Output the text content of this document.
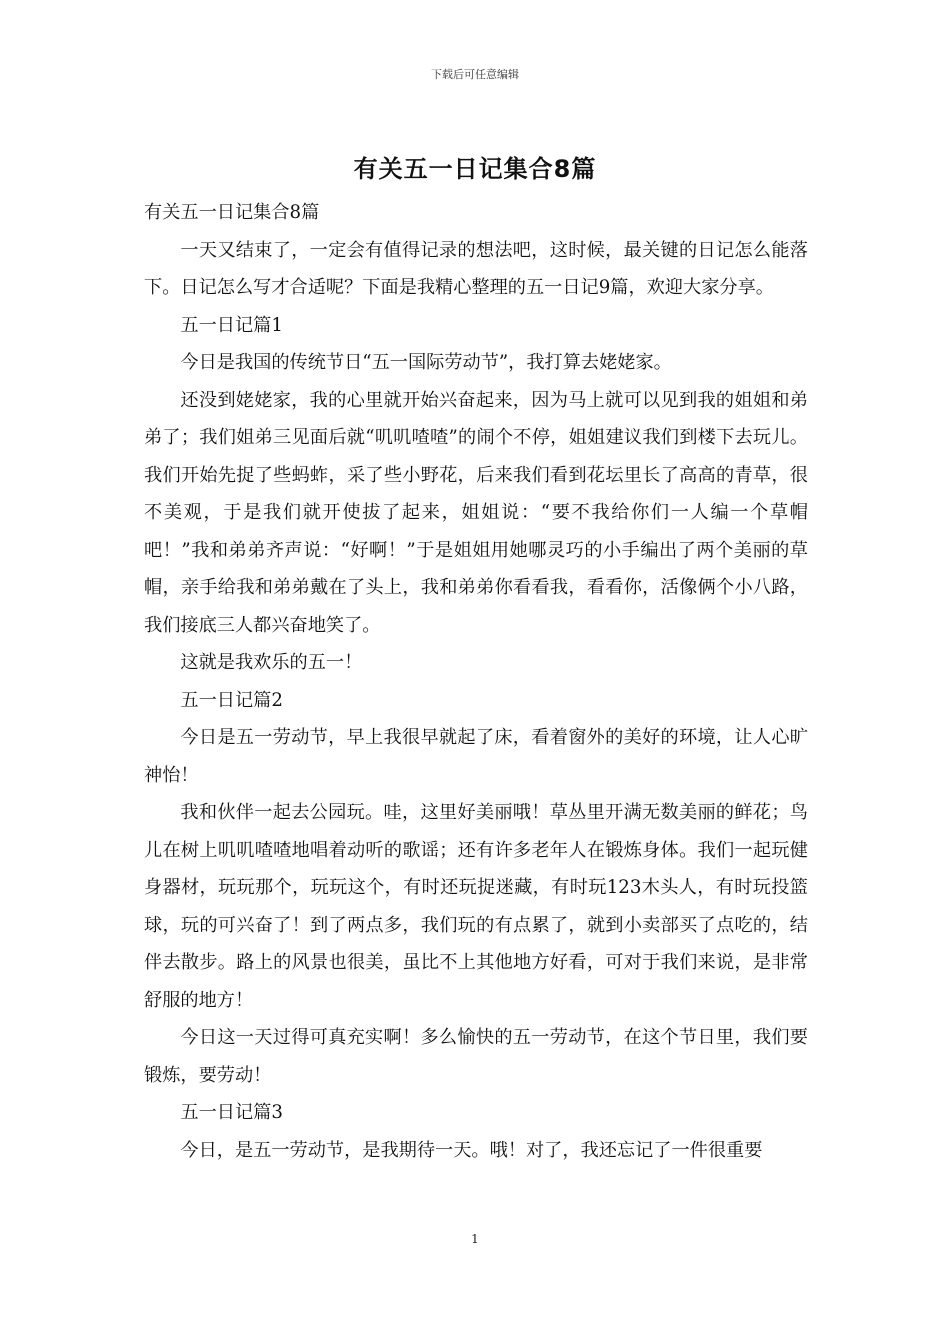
下载后可任意编辑
有关五一日记集合8篇

有关五一日记集合8篇

一天又结束了，一定会有值得记录的想法吧，这时候，最关键的日记怎么能落下。日记怎么写才合适呢？下面是我精心整理的五一日记9篇，欢迎大家分享。

五一日记篇1

今日是我国的传统节日“五一国际劳动节”，我打算去姥姥家。

还没到姥姥家，我的心里就开始兴奋起来，因为马上就可以见到我的姐姐和弟弟了；我们姐弟三见面后就“叽叽喳喳”的闹个不停，姐姐建议我们到楼下去玩儿。我们开始先捉了些蚂蚱，采了些小野花，后来我们看到花坛里长了高高的青草，很不美观，于是我们就开使拔了起来，姐姐说：“要不我给你们一人编一个草帽吧！”我和弟弟齐声说：“好啊！”于是姐姐用她哪灵巧的小手编出了两个美丽的草帽，亲手给我和弟弟戴在了头上，我和弟弟你看看我，看看你，活像俩个小八路，我们接底三人都兴奋地笑了。

这就是我欢乐的五一！

五一日记篇2

今日是五一劳动节，早上我很早就起了床，看着窗外的美好的环境，让人心旷神怡！

我和伙伴一起去公园玩。哇，这里好美丽哦！草丛里开满无数美丽的鲜花；鸟儿在树上叽叽喳喳地唱着动听的歌谣；还有许多老年人在锻炼身体。我们一起玩健身器材，玩玩那个，玩玩这个，有时还玩捉迷藏，有时玩123木头人，有时玩投篮球，玩的可兴奋了！到了两点多，我们玩的有点累了，就到小卖部买了点吃的，结伴去散步。路上的风景也很美，虽比不上其他地方好看，可对于我们来说，是非常舒服的地方！

今日这一天过得可真充实啊！多么愉快的五一劳动节，在这个节日里，我们要锻炼，要劳动！

五一日记篇3

今日，是五一劳动节，是我期待一天。哦！对了，我还忘记了一件很重要

1
